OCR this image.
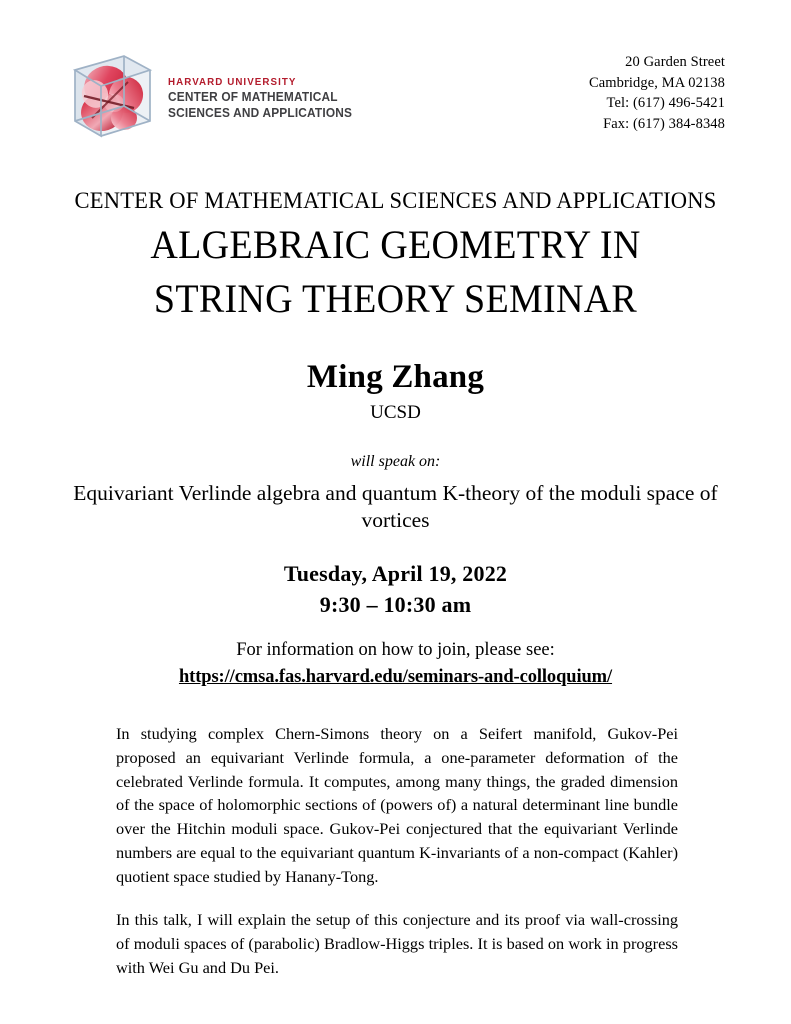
HARVARD UNIVERSITY
CENTER OF MATHEMATICAL
SCIENCES AND APPLICATIONS
20 Garden Street
Cambridge, MA 02138
Tel: (617) 496-5421
Fax: (617) 384-8348
CENTER OF MATHEMATICAL SCIENCES AND APPLICATIONS
ALGEBRAIC GEOMETRY IN
STRING THEORY SEMINAR
Ming Zhang
UCSD
will speak on:
Equivariant Verlinde algebra and quantum K-theory of the moduli space of vortices
Tuesday, April 19, 2022
9:30 – 10:30 am
For information on how to join, please see:
https://cmsa.fas.harvard.edu/seminars-and-colloquium/

In studying complex Chern-Simons theory on a Seifert manifold, Gukov-Pei proposed an equivariant Verlinde formula, a one-parameter deformation of the celebrated Verlinde formula. It computes, among many things, the graded dimension of the space of holomorphic sections of (powers of) a natural determinant line bundle over the Hitchin moduli space. Gukov-Pei conjectured that the equivariant Verlinde numbers are equal to the equivariant quantum K-invariants of a non-compact (Kahler) quotient space studied by Hanany-Tong.

In this talk, I will explain the setup of this conjecture and its proof via wall-crossing of moduli spaces of (parabolic) Bradlow-Higgs triples. It is based on work in progress with Wei Gu and Du Pei.
